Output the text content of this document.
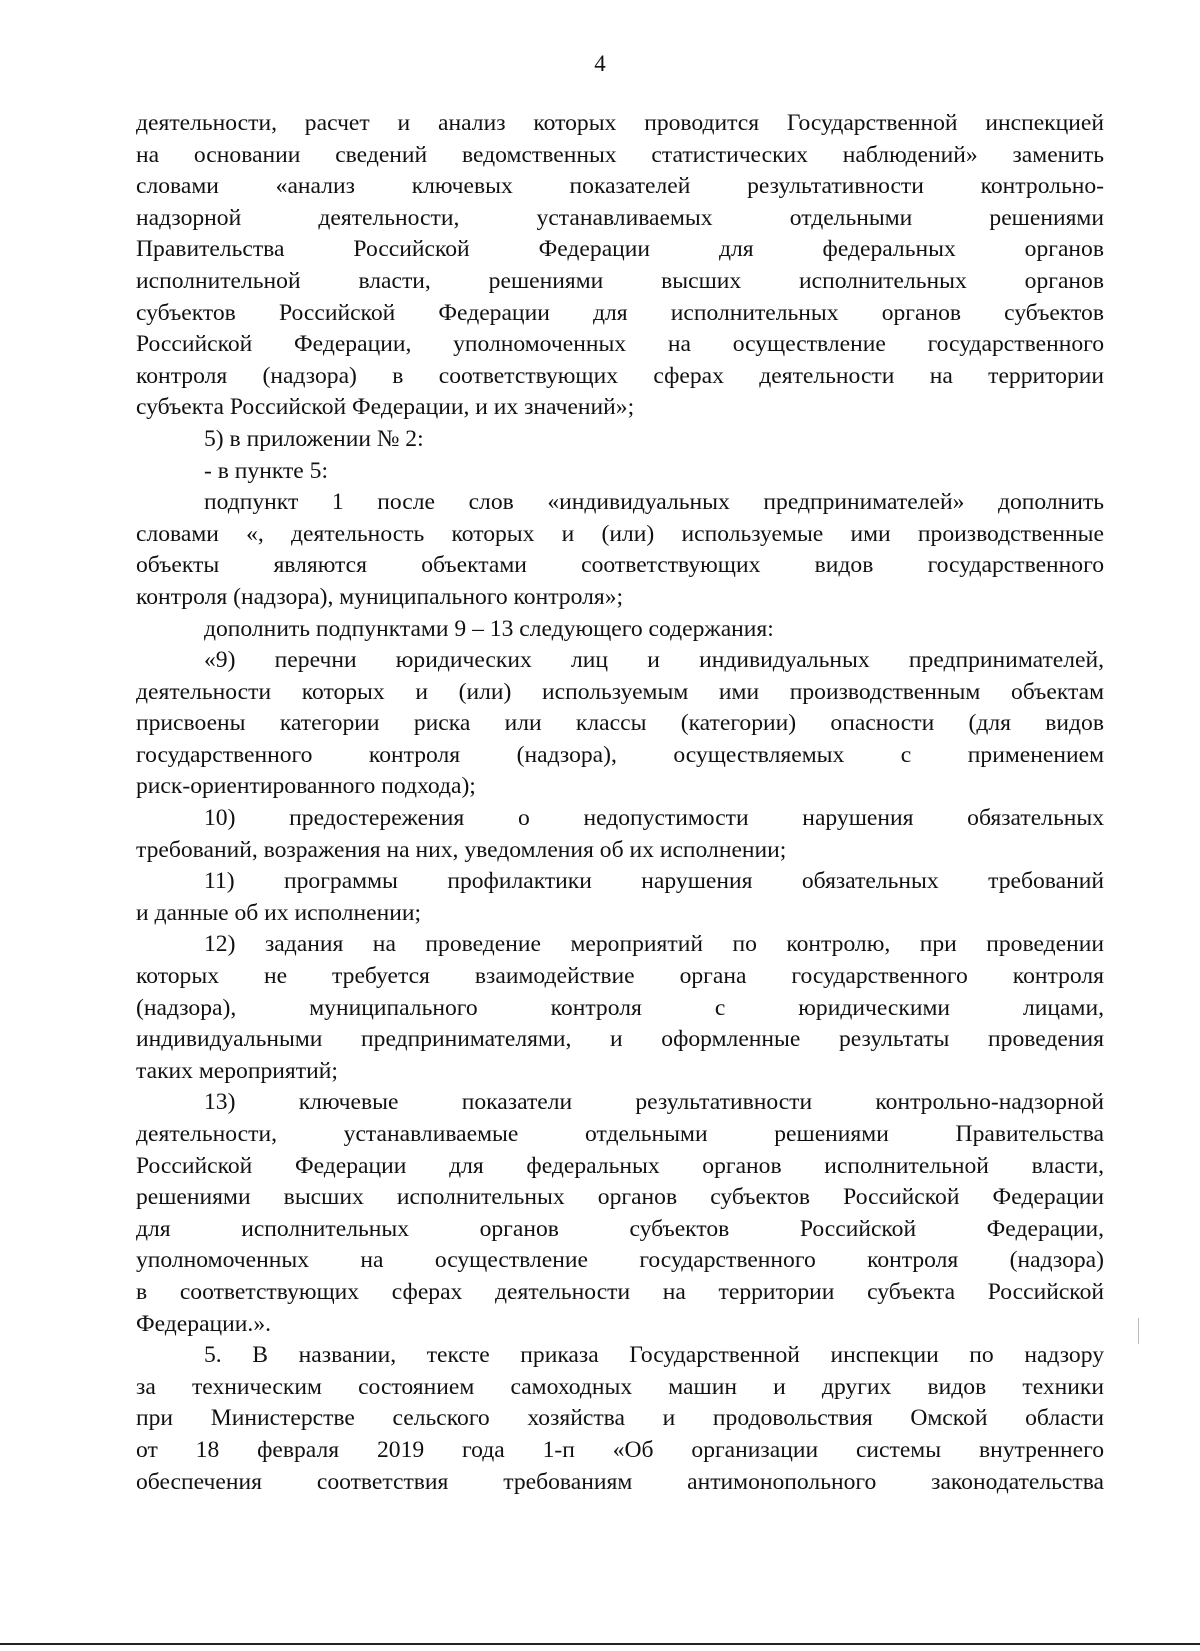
4
деятельности, расчет и анализ которых проводится Государственной инспекцией
на основании сведений ведомственных статистических наблюдений» заменить
словами «анализ ключевых показателей результативности контрольно-
надзорной деятельности, устанавливаемых отдельными решениями
Правительства Российской Федерации для федеральных органов
исполнительной власти, решениями высших исполнительных органов
субъектов Российской Федерации для исполнительных органов субъектов
Российской Федерации, уполномоченных на осуществление государственного
контроля (надзора) в соответствующих сферах деятельности на территории
субъекта Российской Федерации, и их значений»;
5) в приложении № 2:
- в пункте 5:
подпункт 1 после слов «индивидуальных предпринимателей» дополнить
словами «, деятельность которых и (или) используемые ими производственные
объекты являются объектами соответствующих видов государственного
контроля (надзора), муниципального контроля»;
дополнить подпунктами 9 – 13 следующего содержания:
«9) перечни юридических лиц и индивидуальных предпринимателей,
деятельности которых и (или) используемым ими производственным объектам
присвоены категории риска или классы (категории) опасности (для видов
государственного контроля (надзора), осуществляемых с применением
риск-ориентированного подхода);
10) предостережения о недопустимости нарушения обязательных
требований, возражения на них, уведомления об их исполнении;
11) программы профилактики нарушения обязательных требований
и данные об их исполнении;
12) задания на проведение мероприятий по контролю, при проведении
которых не требуется взаимодействие органа государственного контроля
(надзора), муниципального контроля с юридическими лицами,
индивидуальными предпринимателями, и оформленные результаты проведения
таких мероприятий;
13) ключевые показатели результативности контрольно-надзорной
деятельности, устанавливаемые отдельными решениями Правительства
Российской Федерации для федеральных органов исполнительной власти,
решениями высших исполнительных органов субъектов Российской Федерации
для исполнительных органов субъектов Российской Федерации,
уполномоченных на осуществление государственного контроля (надзора)
в соответствующих сферах деятельности на территории субъекта Российской
Федерации.».
5. В названии, тексте приказа Государственной инспекции по надзору
за техническим состоянием самоходных машин и других видов техники
при Министерстве сельского хозяйства и продовольствия Омской области
от 18 февраля 2019 года 1-п «Об организации системы внутреннего
обеспечения соответствия требованиям антимонопольного законодательства
